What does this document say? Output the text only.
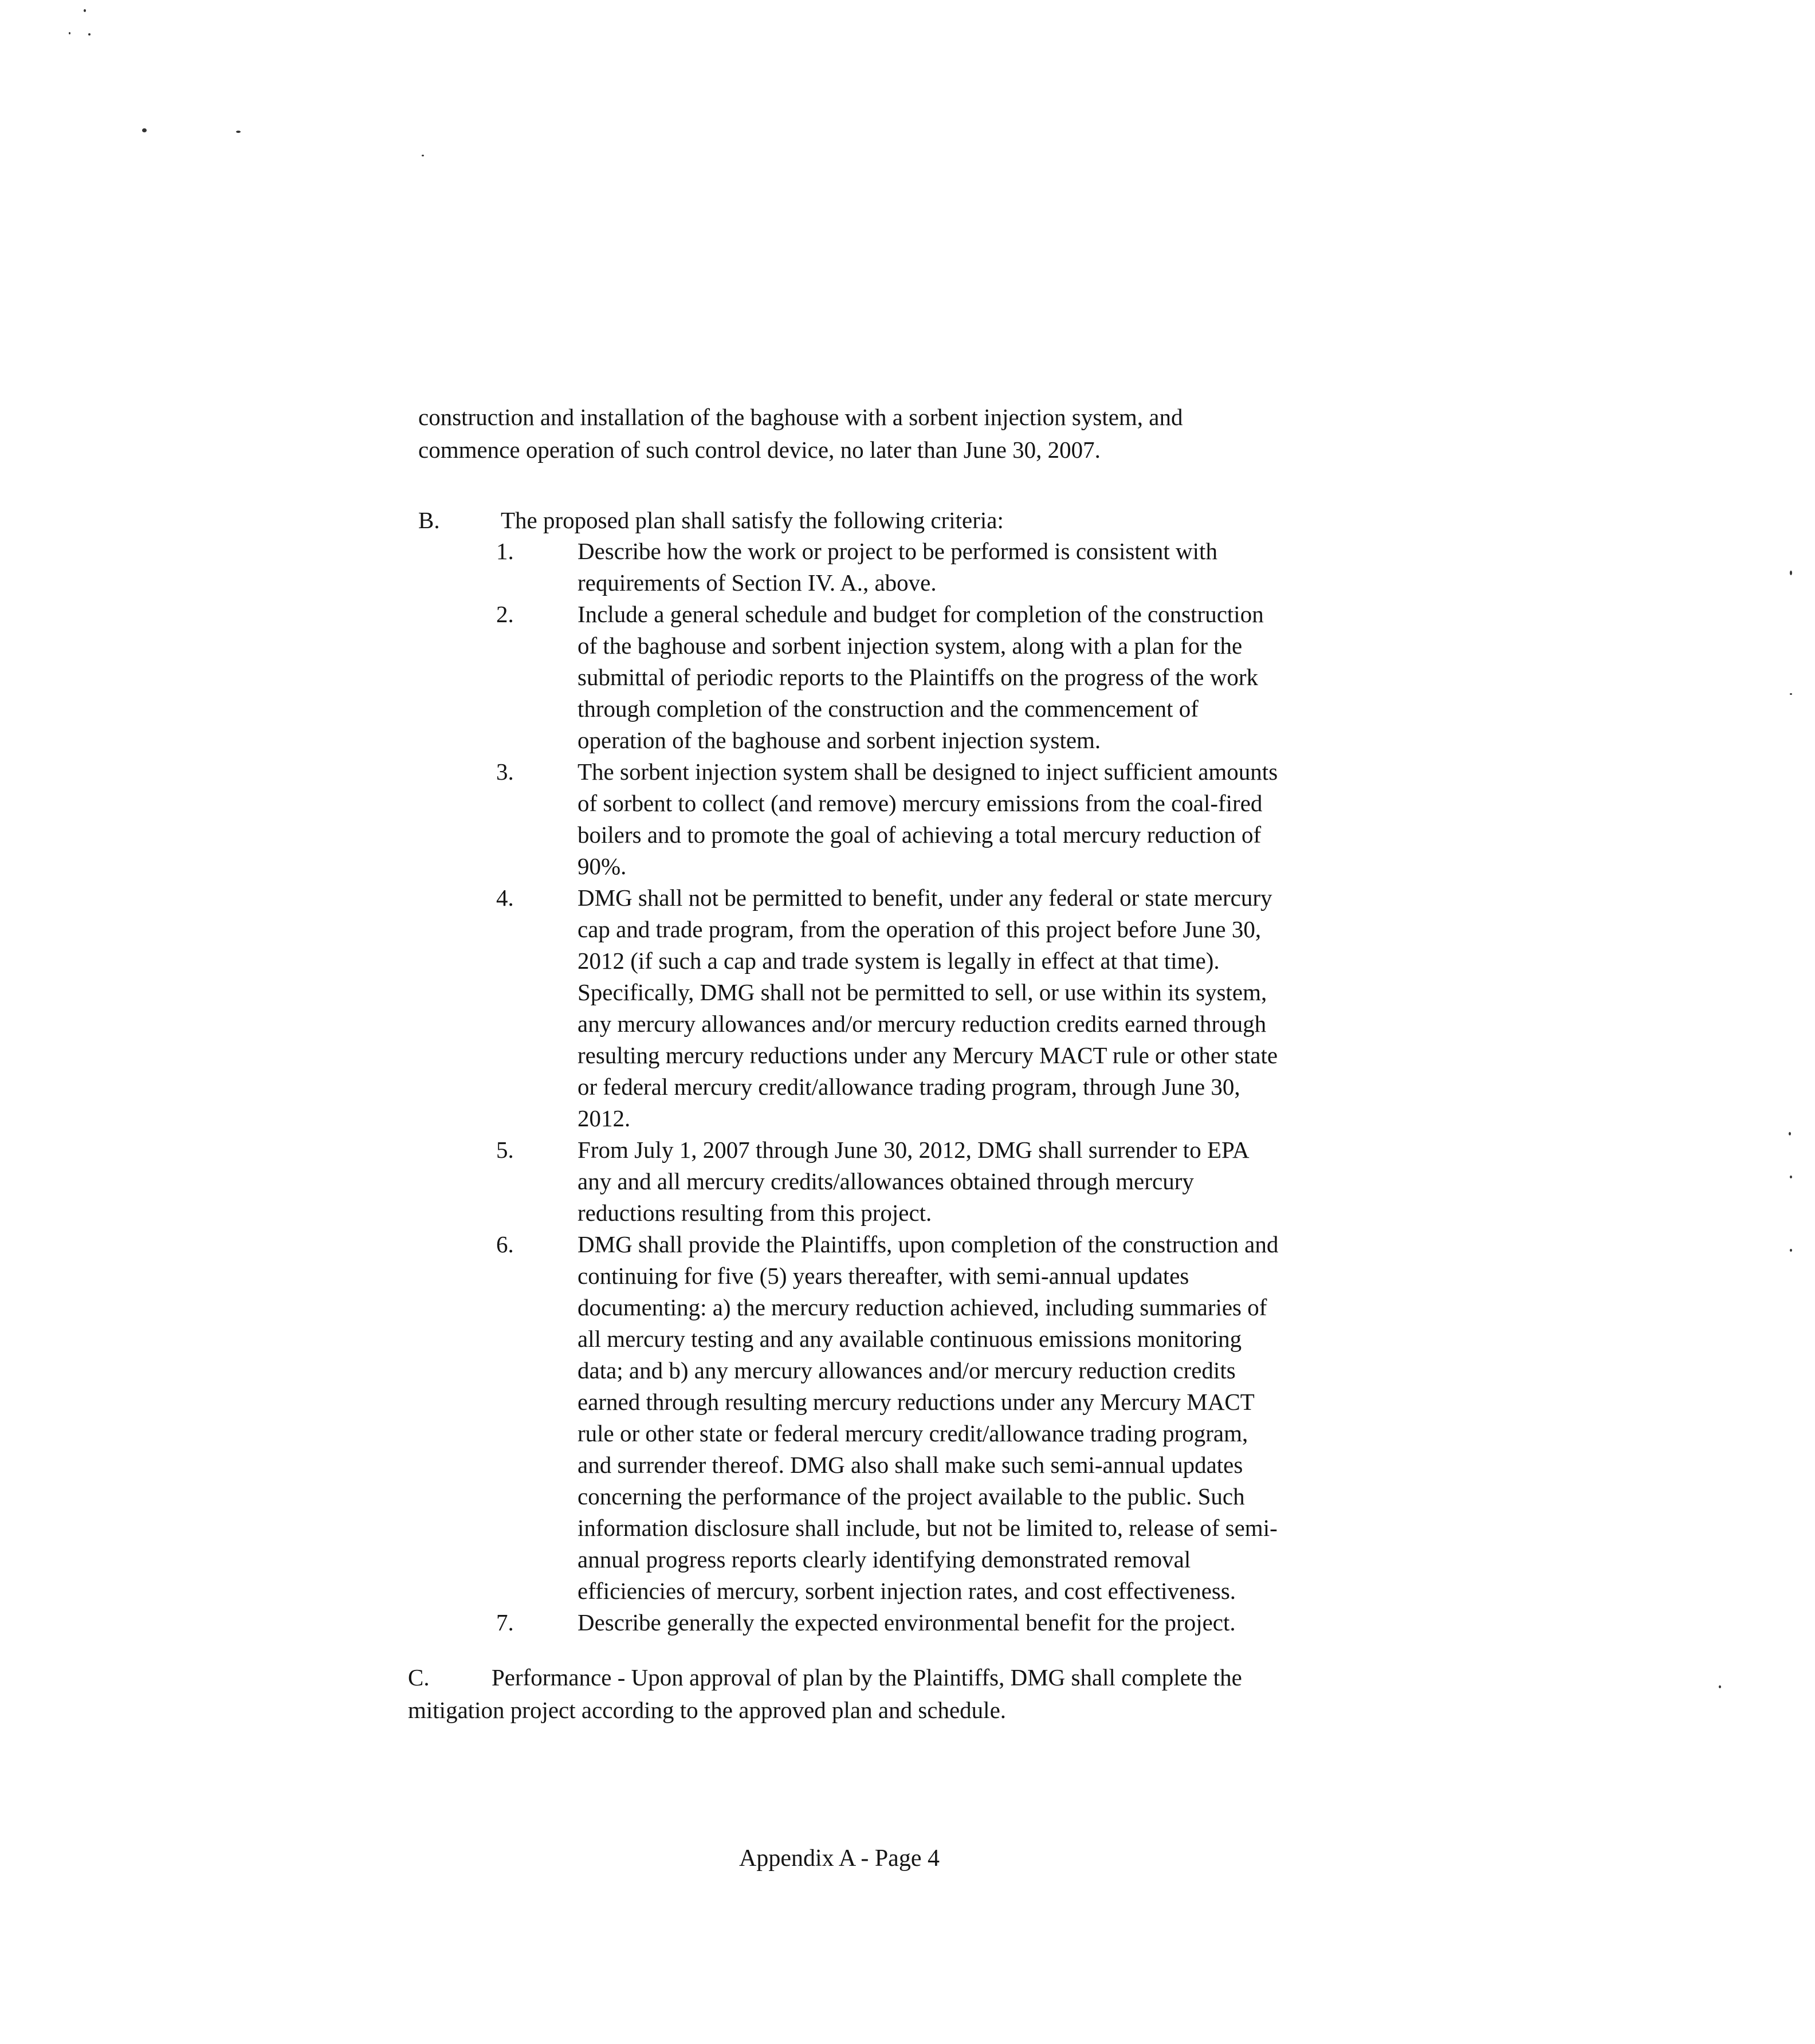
construction and installation of the baghouse with a sorbent injection system, and
commence operation of such control device, no later than June 30, 2007.
B.	The proposed plan shall satisfy the following criteria:
1.	Describe how the work or project to be performed is consistent with
requirements of Section IV. A., above.
2.	Include a general schedule and budget for completion of the construction
of the baghouse and sorbent injection system, along with a plan for the
submittal of periodic reports to the Plaintiffs on the progress of the work
through completion of the construction and the commencement of
operation of the baghouse and sorbent injection system.
3.	The sorbent injection system shall be designed to inject sufficient amounts
of sorbent to collect (and remove) mercury emissions from the coal-fired
boilers and to promote the goal of achieving a total mercury reduction of
90%.
4.	DMG shall not be permitted to benefit, under any federal or state mercury
cap and trade program, from the operation of this project before June 30,
2012 (if such a cap and trade system is legally in effect at that time).
Specifically, DMG shall not be permitted to sell, or use within its system,
any mercury allowances and/or mercury reduction credits earned through
resulting mercury reductions under any Mercury MACT rule or other state
or federal mercury credit/allowance trading program, through June 30,
2012.
5.	From July 1, 2007 through June 30, 2012, DMG shall surrender to EPA
any and all mercury credits/allowances obtained through mercury
reductions resulting from this project.
6.	DMG shall provide the Plaintiffs, upon completion of the construction and
continuing for five (5) years thereafter, with semi-annual updates
documenting: a) the mercury reduction achieved, including summaries of
all mercury testing and any available continuous emissions monitoring
data; and b) any mercury allowances and/or mercury reduction credits
earned through resulting mercury reductions under any Mercury MACT
rule or other state or federal mercury credit/allowance trading program,
and surrender thereof. DMG also shall make such semi-annual updates
concerning the performance of the project available to the public. Such
information disclosure shall include, but not be limited to, release of semi-
annual progress reports clearly identifying demonstrated removal
efficiencies of mercury, sorbent injection rates, and cost effectiveness.
7.	Describe generally the expected environmental benefit for the project.
C.	Performance - Upon approval of plan by the Plaintiffs, DMG shall complete the
mitigation project according to the approved plan and schedule.
Appendix A - Page 4
